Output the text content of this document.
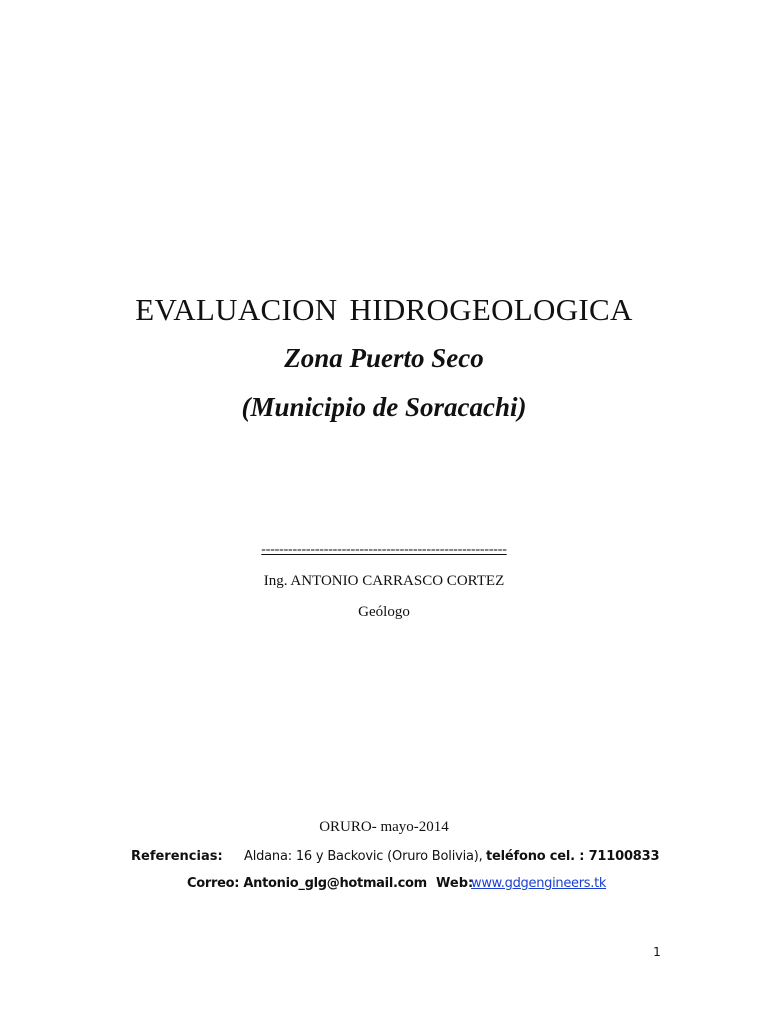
EVALUACION HIDROGEOLOGICA
Zona Puerto Seco
(Municipio de Soracachi)
-------------------------------------------------------
Ing. ANTONIO CARRASCO CORTEZ
Geólogo
ORURO- mayo-2014
Referencias: Aldana: 16 y Backovic (Oruro Bolivia), teléfono cel. : 71100833
Correo: Antonio_glg@hotmail.com Web:
www.gdgengineers.tk
1
